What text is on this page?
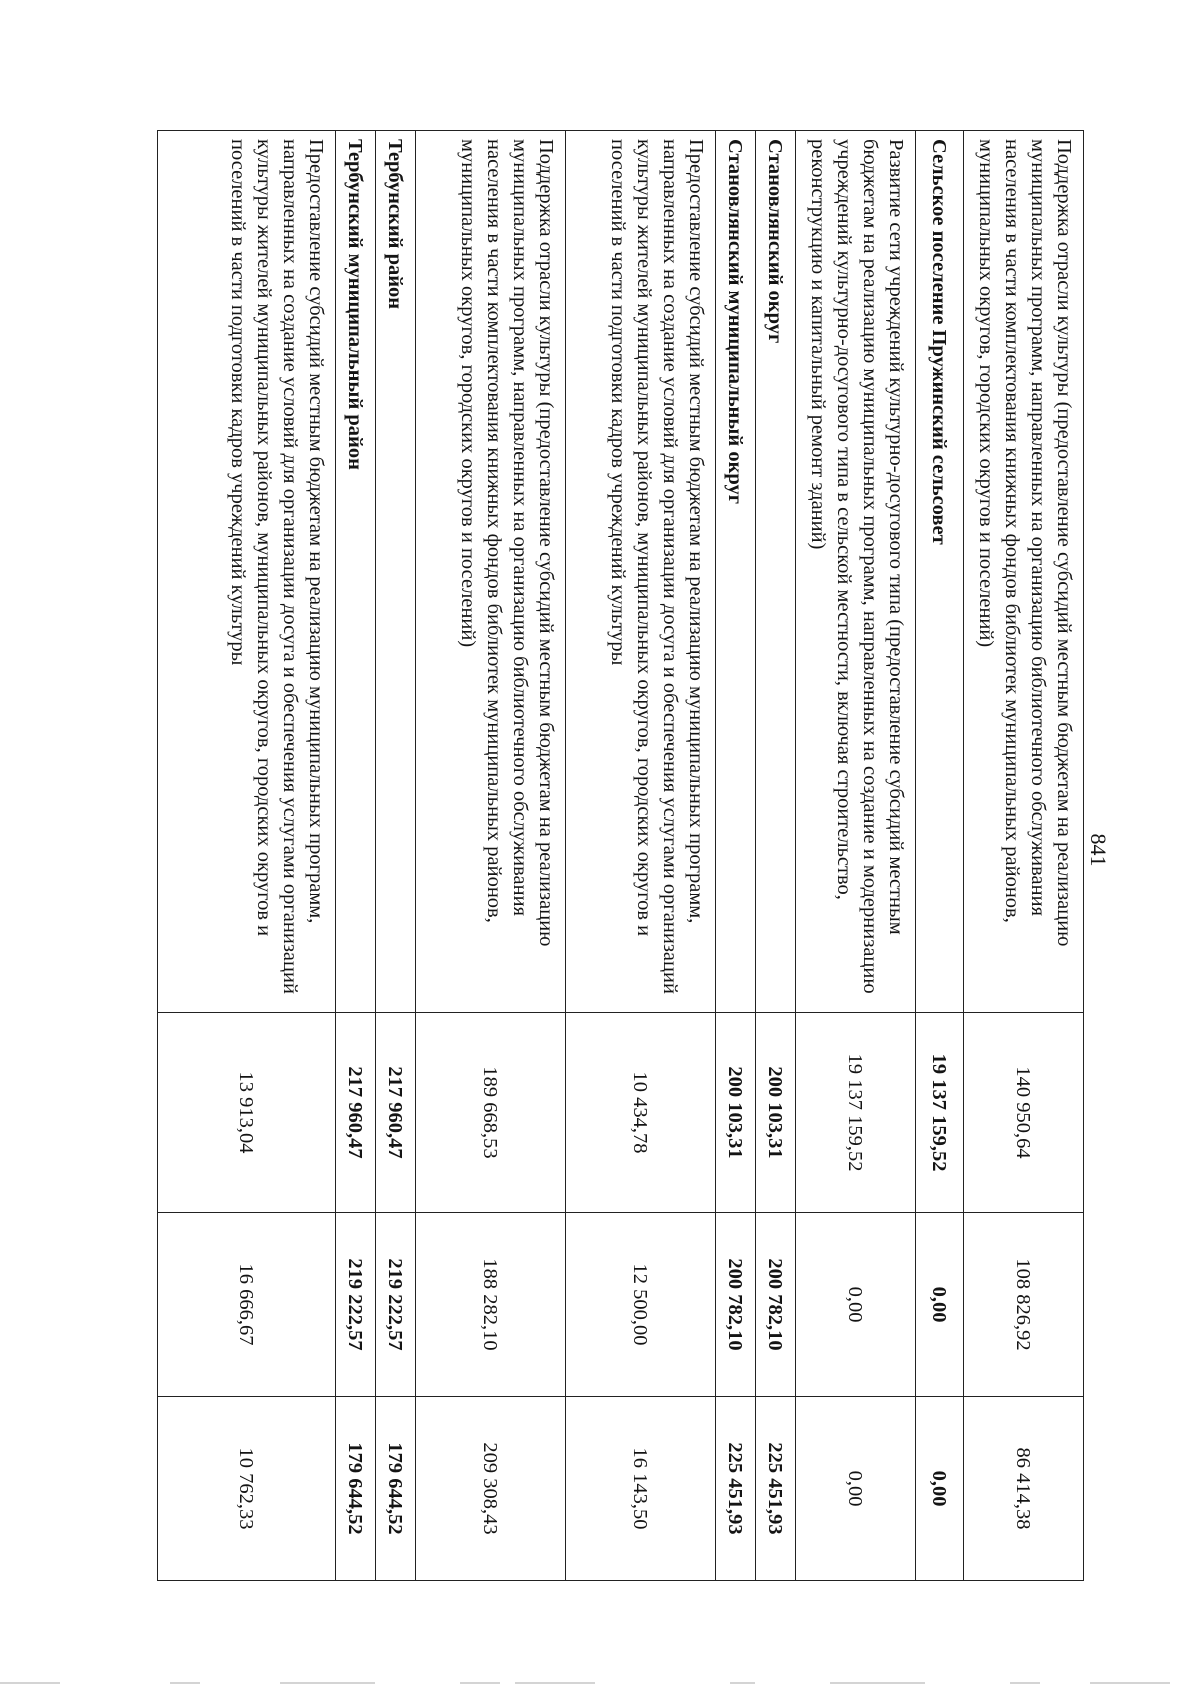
841
Поддержка отрасли культуры (предоставление субсидий местным бюджетам на реализацию муниципальных программ, направленных на организацию библиотечного обслуживания населения в части комплектования книжных фондов библиотек муниципальных районов, муниципальных округов, городских округов и поселений)	140 950,64	108 826,92	86 414,38
Сельское поселение Пружинский сельсовет	19 137 159,52	0,00	0,00
Развитие сети учреждений культурно-досугового типа (предоставление субсидий местным бюджетам на реализацию муниципальных программ, направленных на создание и модернизацию учреждений культурно-досугового типа в сельской местности, включая строительство, реконструкцию и капитальный ремонт зданий)	19 137 159,52	0,00	0,00
Становлянский округ	200 103,31	200 782,10	225 451,93
Становлянский муниципальный округ	200 103,31	200 782,10	225 451,93
Предоставление субсидий местным бюджетам на реализацию муниципальных программ, направленных на создание условий для организации досуга и обеспечения услугами организаций культуры жителей муниципальных районов, муниципальных округов, городских округов и поселений в части подготовки кадров учреждений культуры	10 434,78	12 500,00	16 143,50
Поддержка отрасли культуры (предоставление субсидий местным бюджетам на реализацию муниципальных программ, направленных на организацию библиотечного обслуживания населения в части комплектования книжных фондов библиотек муниципальных районов, муниципальных округов, городских округов и поселений)	189 668,53	188 282,10	209 308,43
Тербунский район	217 960,47	219 222,57	179 644,52
Тербунский муниципальный район	217 960,47	219 222,57	179 644,52
Предоставление субсидий местным бюджетам на реализацию муниципальных программ, направленных на создание условий для организации досуга и обеспечения услугами организаций культуры жителей муниципальных районов, муниципальных округов, городских округов и поселений в части подготовки кадров учреждений культуры	13 913,04	16 666,67	10 762,33
